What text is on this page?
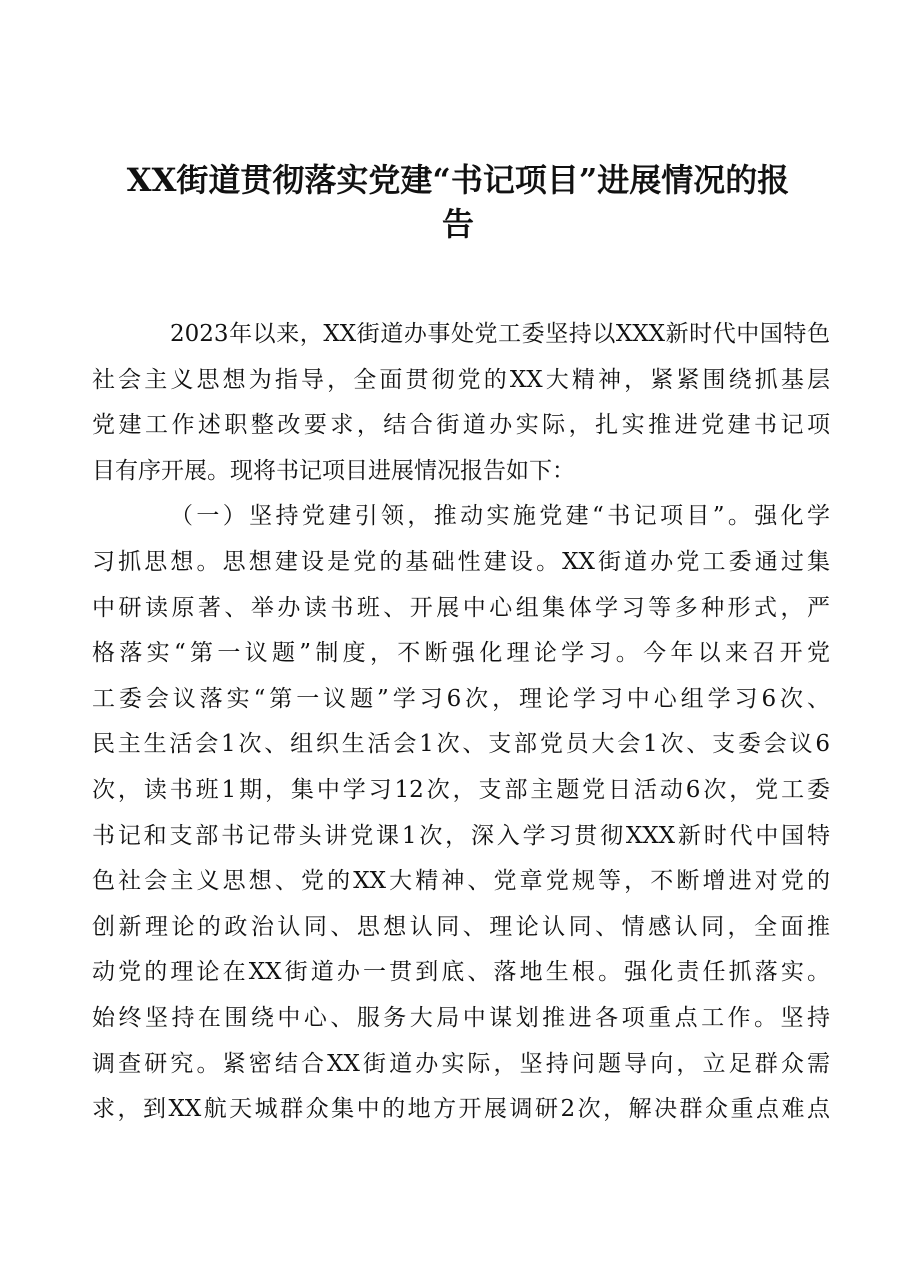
XX街道贯彻落实党建“书记项目”进展情况的报
告
2023年以来，XX街道办事处党工委坚持以XXX新时代中国特色
社会主义思想为指导，全面贯彻党的XX大精神，紧紧围绕抓基层
党建工作述职整改要求，结合街道办实际，扎实推进党建书记项
目有序开展。现将书记项目进展情况报告如下：
（一）坚持党建引领，推动实施党建“书记项目”。强化学
习抓思想。思想建设是党的基础性建设。XX街道办党工委通过集
中研读原著、举办读书班、开展中心组集体学习等多种形式，严
格落实“第一议题”制度，不断强化理论学习。今年以来召开党
工委会议落实“第一议题”学习6次，理论学习中心组学习6次、
民主生活会1次、组织生活会1次、支部党员大会1次、支委会议6
次，读书班1期，集中学习12次，支部主题党日活动6次，党工委
书记和支部书记带头讲党课1次，深入学习贯彻XXX新时代中国特
色社会主义思想、党的XX大精神、党章党规等，不断增进对党的
创新理论的政治认同、思想认同、理论认同、情感认同，全面推
动党的理论在XX街道办一贯到底、落地生根。强化责任抓落实。
始终坚持在围绕中心、服务大局中谋划推进各项重点工作。坚持
调查研究。紧密结合XX街道办实际，坚持问题导向，立足群众需
求，到XX航天城群众集中的地方开展调研2次，解决群众重点难点
